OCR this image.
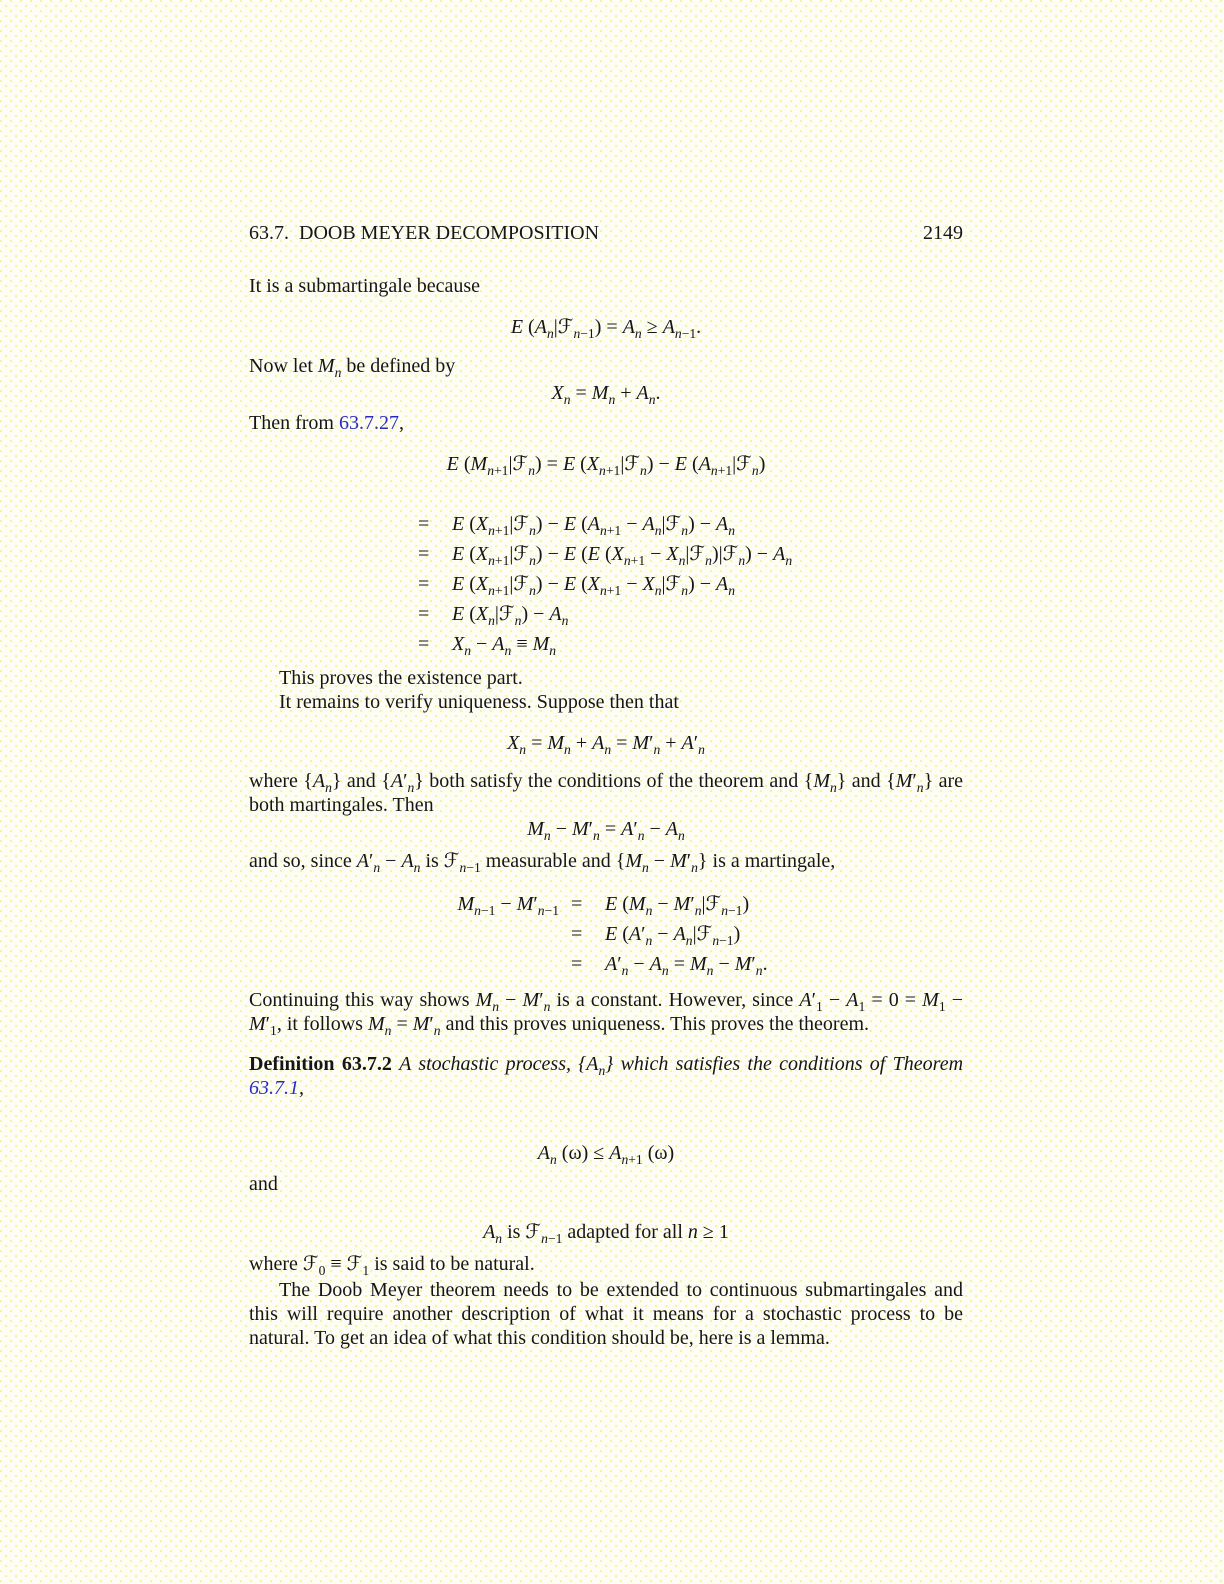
63.7.  DOOB MEYER DECOMPOSITION	2149

It is a submartingale because

E $(A_n|ℱ_{n-1}) = A_n \ge A_{n-1}$.

Now let $M_n$ be defined by

$X_n = M_n + A_n$.

Then from 63.7.27,

E $(M_{n+1}|ℱ_n) = E$ $(X_{n+1}|ℱ_n) - E$ $(A_{n+1}|ℱ_n)$
=	E $(X_{n+1}|ℱ_n) - E$ ($A_{n+1}$ − $A_n|ℱ_n) - A_n$
=	E $(X_{n+1}|ℱ_n) - E$ (E ($X_{n+1}$ − $X_n|ℱ_n)|ℱ_n) - A_n$
=	E $(X_{n+1}|ℱ_n) - E$ ($X_{n+1}$ − $X_n|ℱ_n) - A_n$
=	E $(X_n|ℱ_n) - A_n$
=	$X_n - A_n \equiv M_n$

This proves the existence part.

It remains to verify uniqueness. Suppose then that

$X_n = M_n + A_n = M'_n + A'_n$

where $\{A_n\}$ and $\{A'_n\}$ both satisfy the conditions of the theorem and $\{M_n\}$ and $\{M'_n\}$ are both martingales. Then

$M_n - M'_n = A'_n - A_n$

and so, since $A'_n - A_n$ is ℱ$_{n-1}$ measurable and $\{M_n - M'_n\}$ is a martingale,

$M_{n-1} - M'_{n-1}$ =	E ($M_n$ − $M'_n|ℱ_{n-1}$)
=	E ($A'_n$ − $A_n|ℱ_{n-1}$)
=	$A'_n - A_n = M_n - M'_n$.

Continuing this way shows $M_n - M'_n$ is a constant. However, since $A'_1 - A_1 = 0 = M_1 - M'_1$, it follows $M_n = M'_n$ and this proves uniqueness. This proves the theorem.

Definition 63.7.2 A stochastic process, $\{A_n\}$ which satisfies the conditions of Theorem 63.7.1,

$A_n$ $(\omega) \le A_{n+1}$ (ω)

and

$A_n$ is ℱ$_{n-1}$ adapted for all n ≥ 1

where ℱ$_0$ ≡ ℱ$_1$ is said to be natural.

The Doob Meyer theorem needs to be extended to continuous submartingales and this will require another description of what it means for a stochastic process to be natural. To get an idea of what this condition should be, here is a lemma.
